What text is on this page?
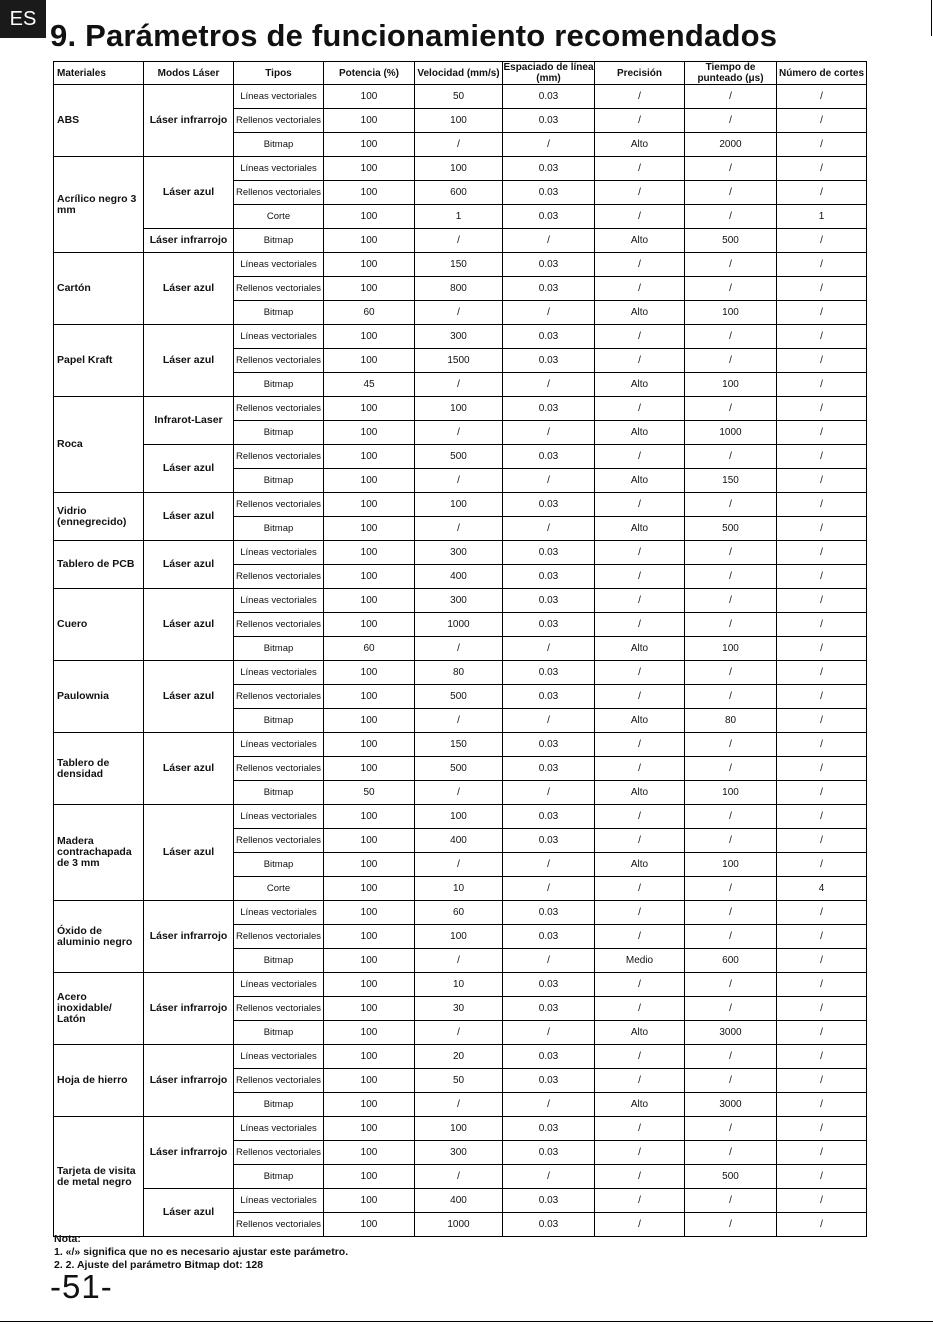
ES 9. Parámetros de funcionamiento recomendados
Materiales	Modos Láser	Tipos	Potencia (%)	Velocidad (mm/s)	Espaciado de línea (mm)	Precisión	Tiempo de punteado (μs)	Número de cortes
ABS	Láser infrarrojo	Líneas vectoriales	100	50	0.03	/	/	/
		Rellenos vectoriales	100	100	0.03	/	/	/
		Bitmap	100	/	/	Alto	2000	/
Acrílico negro 3 mm	Láser azul	Líneas vectoriales	100	100	0.03	/	/	/
		Rellenos vectoriales	100	600	0.03	/	/	/
		Corte	100	1	0.03	/	/	1
	Láser infrarrojo	Bitmap	100	/	/	Alto	500	/
Cartón	Láser azul	Líneas vectoriales	100	150	0.03	/	/	/
		Rellenos vectoriales	100	800	0.03	/	/	/
		Bitmap	60	/	/	Alto	100	/
Papel Kraft	Láser azul	Líneas vectoriales	100	300	0.03	/	/	/
		Rellenos vectoriales	100	1500	0.03	/	/	/
		Bitmap	45	/	/	Alto	100	/
Roca	Infrarot-Laser	Rellenos vectoriales	100	100	0.03	/	/	/
		Bitmap	100	/	/	Alto	1000	/
	Láser azul	Rellenos vectoriales	100	500	0.03	/	/	/
		Bitmap	100	/	/	Alto	150	/
Vidrio (ennegrecido)	Láser azul	Rellenos vectoriales	100	100	0.03	/	/	/
		Bitmap	100	/	/	Alto	500	/
Tablero de PCB	Láser azul	Líneas vectoriales	100	300	0.03	/	/	/
		Rellenos vectoriales	100	400	0.03	/	/	/
Cuero	Láser azul	Líneas vectoriales	100	300	0.03	/	/	/
		Rellenos vectoriales	100	1000	0.03	/	/	/
		Bitmap	60	/	/	Alto	100	/
Paulownia	Láser azul	Líneas vectoriales	100	80	0.03	/	/	/
		Rellenos vectoriales	100	500	0.03	/	/	/
		Bitmap	100	/	/	Alto	80	/
Tablero de densidad	Láser azul	Líneas vectoriales	100	150	0.03	/	/	/
		Rellenos vectoriales	100	500	0.03	/	/	/
		Bitmap	50	/	/	Alto	100	/
Madera contrachapada de 3 mm	Láser azul	Líneas vectoriales	100	100	0.03	/	/	/
		Rellenos vectoriales	100	400	0.03	/	/	/
		Bitmap	100	/	/	Alto	100	/
		Corte	100	10	/	/	/	4
Óxido de aluminio negro	Láser infrarrojo	Líneas vectoriales	100	60	0.03	/	/	/
		Rellenos vectoriales	100	100	0.03	/	/	/
		Bitmap	100	/	/	Medio	600	/
Acero inoxidable/ Latón	Láser infrarrojo	Líneas vectoriales	100	10	0.03	/	/	/
		Rellenos vectoriales	100	30	0.03	/	/	/
		Bitmap	100	/	/	Alto	3000	/
Hoja de hierro	Láser infrarrojo	Líneas vectoriales	100	20	0.03	/	/	/
		Rellenos vectoriales	100	50	0.03	/	/	/
		Bitmap	100	/	/	Alto	3000	/
Tarjeta de visita de metal negro	Láser infrarrojo	Líneas vectoriales	100	100	0.03	/	/	/
		Rellenos vectoriales	100	300	0.03	/	/	/
		Bitmap	100	/	/	/	500	/
	Láser azul	Líneas vectoriales	100	400	0.03	/	/	/
		Rellenos vectoriales	100	1000	0.03	/	/	/
Nota:
1. «/» significa que no es necesario ajustar este parámetro.
2. 2. Ajuste del parámetro Bitmap dot: 128
-51-
